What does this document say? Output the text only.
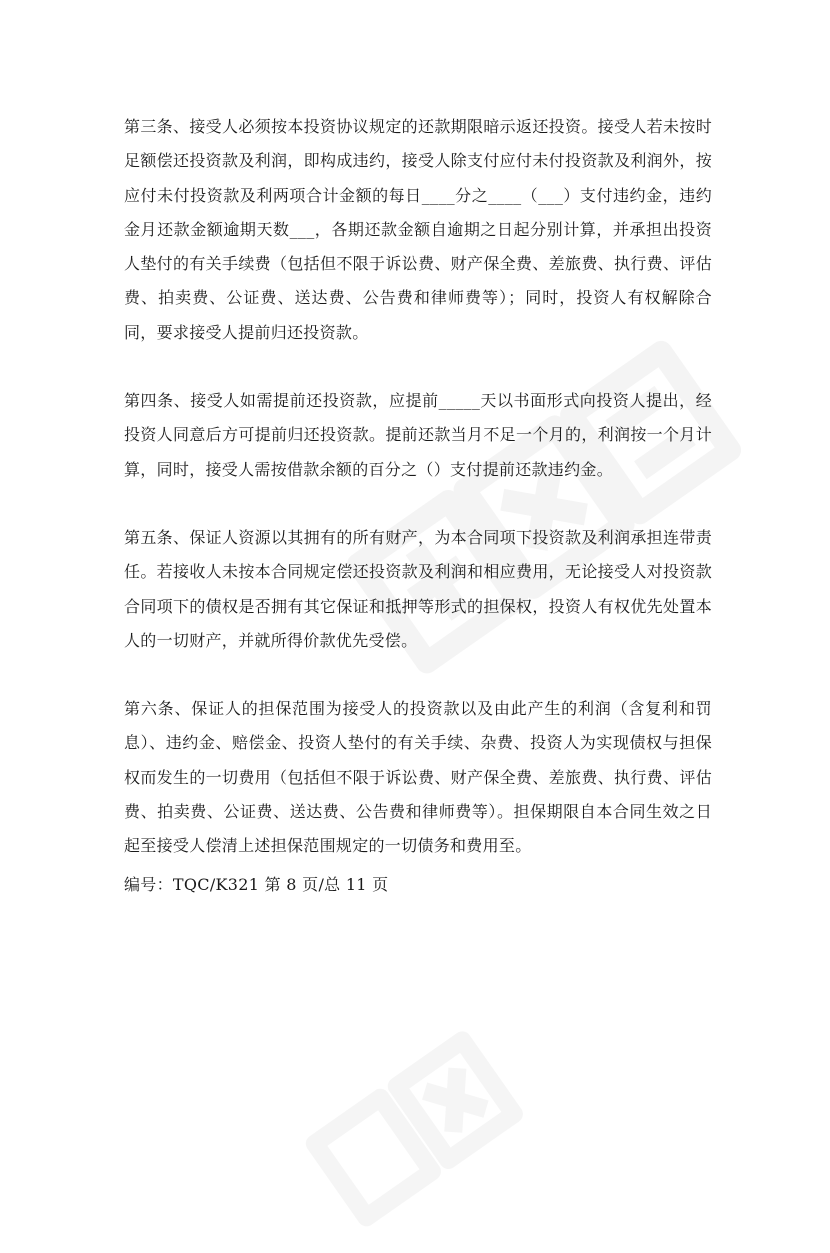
第三条、接受人必须按本投资协议规定的还款期限暗示返还投资。接受人若未按时足额偿还投资款及利润，即构成违约，接受人除支付应付未付投资款及利润外，按应付未付投资款及利两项合计金额的每日____分之____（___）支付违约金，违约金月还款金额逾期天数___，各期还款金额自逾期之日起分别计算，并承担出投资人垫付的有关手续费（包括但不限于诉讼费、财产保全费、差旅费、执行费、评估费、拍卖费、公证费、送达费、公告费和律师费等）；同时，投资人有权解除合同，要求接受人提前归还投资款。

第四条、接受人如需提前还投资款，应提前_____天以书面形式向投资人提出，经投资人同意后方可提前归还投资款。提前还款当月不足一个月的，利润按一个月计算，同时，接受人需按借款余额的百分之（）支付提前还款违约金。

第五条、保证人资源以其拥有的所有财产，为本合同项下投资款及利润承担连带责任。若接收人未按本合同规定偿还投资款及利润和相应费用，无论接受人对投资款合同项下的债权是否拥有其它保证和抵押等形式的担保权，投资人有权优先处置本人的一切财产，并就所得价款优先受偿。

第六条、保证人的担保范围为接受人的投资款以及由此产生的利润（含复利和罚息）、违约金、赔偿金、投资人垫付的有关手续、杂费、投资人为实现债权与担保权而发生的一切费用（包括但不限于诉讼费、财产保全费、差旅费、执行费、评估费、拍卖费、公证费、送达费、公告费和律师费等）。担保期限自本合同生效之日起至接受人偿清上述担保范围规定的一切债务和费用至。

编号：TQC/K321 第 8 页/总 11 页
